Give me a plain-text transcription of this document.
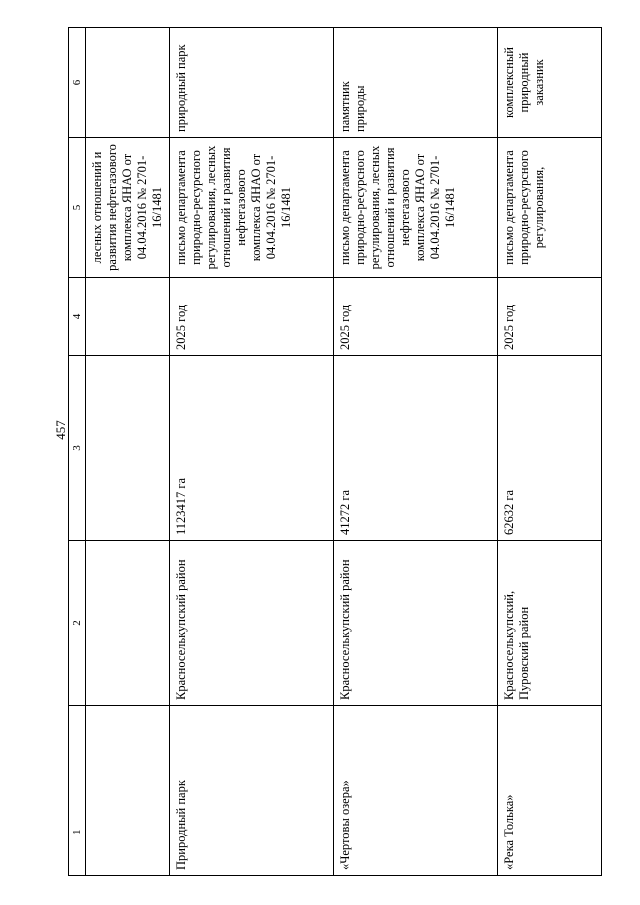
457
1	2	3	4	5	6
				лесных отношений и развития нефтегазового комплекса ЯНАО от 04.04.2016 № 2701-16/1481	
Природный парк	Красноселькупский район	1123417 га	2025 год	письмо департамента природно-ресурсного регулирования, лесных отношений и развития нефтегазового комплекса ЯНАО от 04.04.2016 № 2701-16/1481	природный парк
«Чертовы озера»	Красноселькупский район	41272 га	2025 год	письмо департамента природно-ресурсного регулирования, лесных отношений и развития нефтегазового комплекса ЯНАО от 04.04.2016 № 2701-16/1481	памятник природы
«Река Толька»	Красноселькупский, Пуровский район	62632 га	2025 год	письмо департамента природно-ресурсного регулирования,	комплексный природный заказник
